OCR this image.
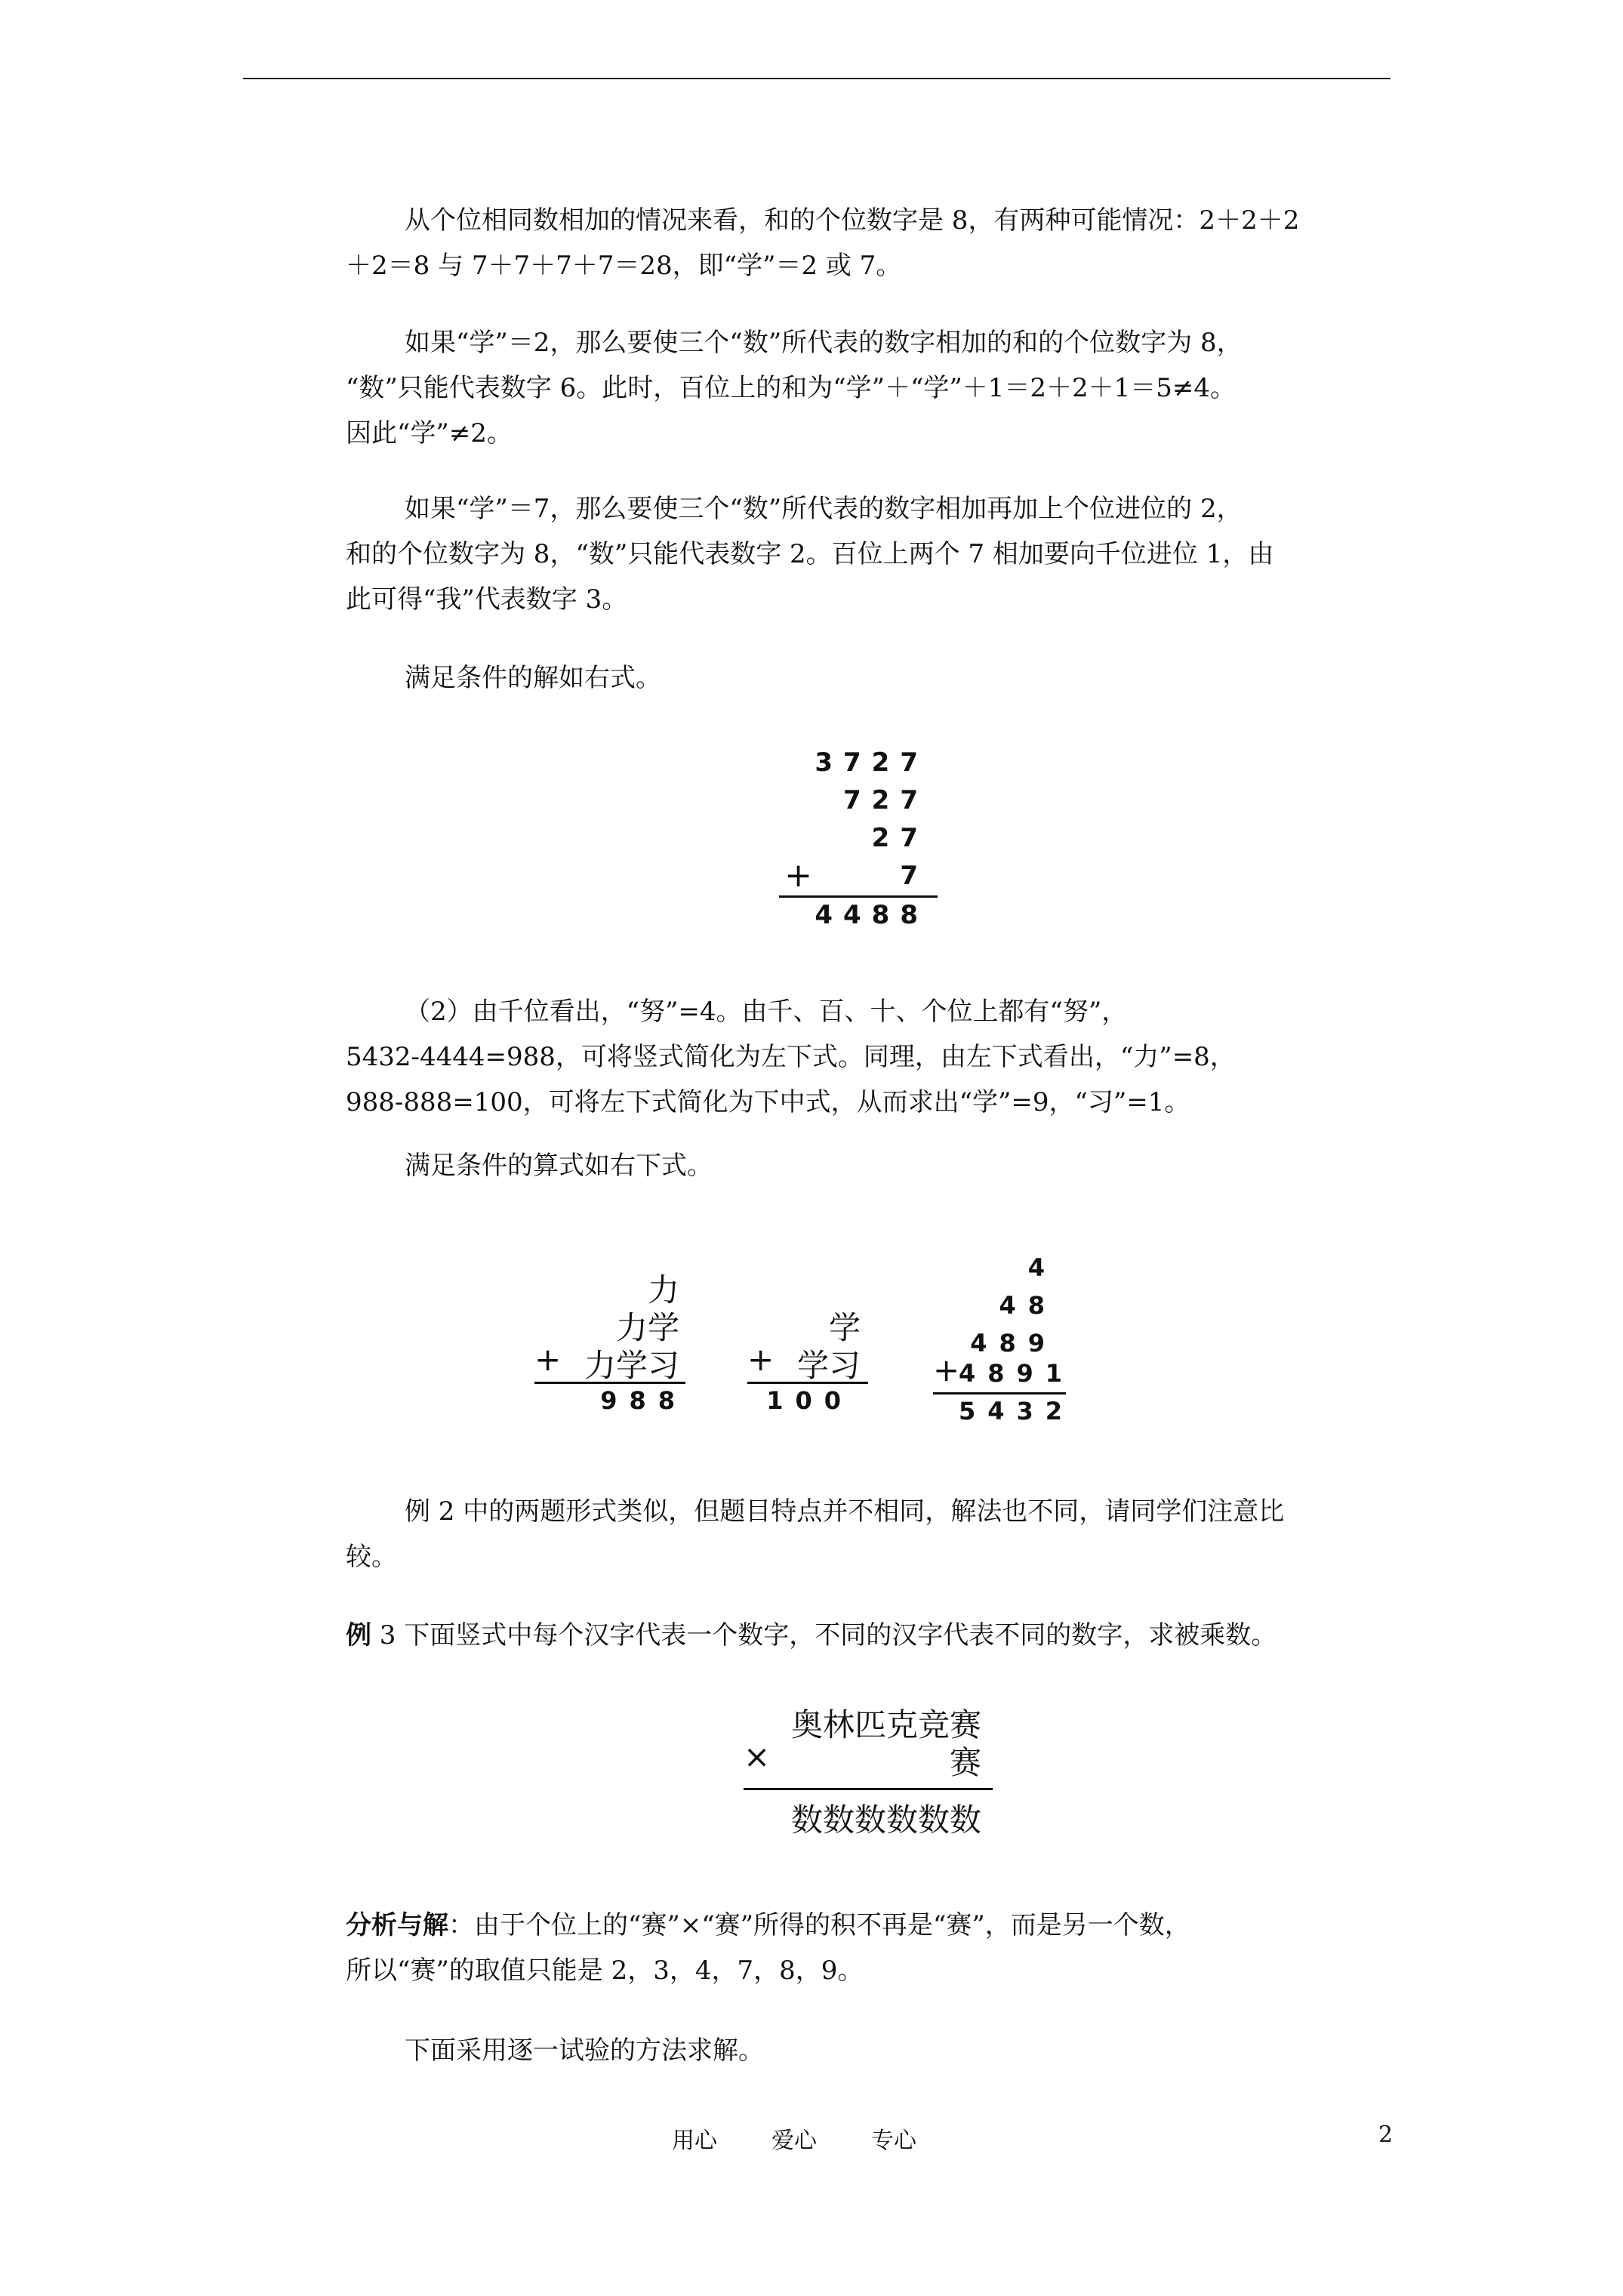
从个位相同数相加的情况来看，和的个位数字是 8，有两种可能情况：2＋2＋2
＋2＝8 与 7＋7＋7＋7＝28，即“学”＝2 或 7。

如果“学”＝2，那么要使三个“数”所代表的数字相加的和的个位数字为 8，
“数”只能代表数字 6。此时，百位上的和为“学”＋“学”＋1＝2＋2＋1＝5≠4。
因此“学”≠2。

如果“学”＝7，那么要使三个“数”所代表的数字相加再加上个位进位的 2，
和的个位数字为 8，“数”只能代表数字 2。百位上两个 7 相加要向千位进位 1，由
此可得“我”代表数字 3。

满足条件的解如右式。

3727
727
27
7
+
4488

（2）由千位看出，“努”=4。由千、百、十、个位上都有“努”，
5432-4444=988，可将竖式简化为左下式。同理，由左下式看出，“力”=8，
988-888=100，可将左下式简化为下中式，从而求出“学”=9，“习”=1。

满足条件的算式如右下式。

力
力学
力学习
+
988
学
学习
+
100
4
48
489
4891
+
5432

例 2 中的两题形式类似，但题目特点并不相同，解法也不同，请同学们注意比
较。

例 3 下面竖式中每个汉字代表一个数字，不同的汉字代表不同的数字，求被乘数。

奥林匹克竞赛
赛
×
数数数数数数

分析与解：由于个位上的“赛”×“赛”所得的积不再是“赛”，而是另一个数，
所以“赛”的取值只能是 2，3，4，7，8，9。

下面采用逐一试验的方法求解。

用心 爱心 专心	2
